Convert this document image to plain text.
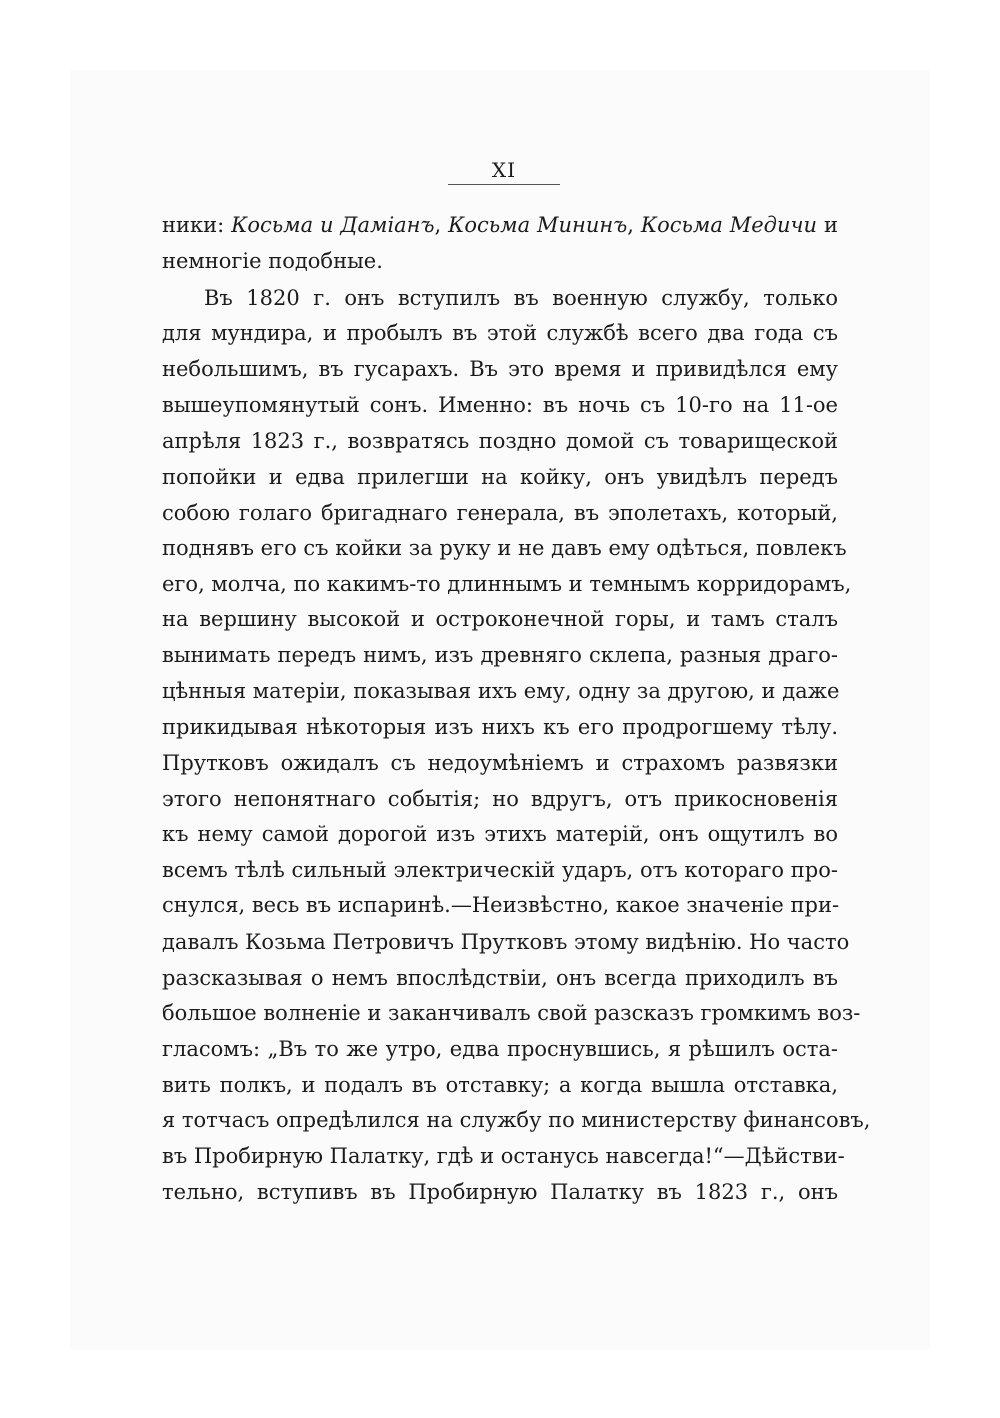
XI
ники: Косьма и Даміанъ, Косьма Мининъ, Косьма Медичи и
немногіе подобные.
Въ 1820 г. онъ вступилъ въ военную службу, только
для мундира, и пробылъ въ этой службѣ всего два года съ
небольшимъ, въ гусарахъ. Въ это время и привидѣлся ему
вышеупомянутый сонъ. Именно: въ ночь съ 10-го на 11-ое
апрѣля 1823 г., возвратясь поздно домой съ товарищеской
попойки и едва прилегши на койку, онъ увидѣлъ передъ
собою голаго бригаднаго генерала, въ эполетахъ, который,
поднявъ его съ койки за руку и не давъ ему одѣться, повлекъ
его, молча, по какимъ-то длиннымъ и темнымъ корридорамъ,
на вершину высокой и остроконечной горы, и тамъ сталъ
вынимать передъ нимъ, изъ древняго склепа, разныя драго-
цѣнныя матеріи, показывая ихъ ему, одну за другою, и даже
прикидывая нѣкоторыя изъ нихъ къ его продрогшему тѣлу.
Прутковъ ожидалъ съ недоумѣніемъ и страхомъ развязки
этого непонятнаго событія; но вдругъ, отъ прикосновенія
къ нему самой дорогой изъ этихъ матерій, онъ ощутилъ во
всемъ тѣлѣ сильный электрическій ударъ, отъ котораго про-
снулся, весь въ испаринѣ.—Неизвѣстно, какое значеніе при-
давалъ Козьма Петровичъ Прутковъ этому видѣнію. Но часто
разсказывая о немъ впослѣдствіи, онъ всегда приходилъ въ
большое волненіе и заканчивалъ свой разсказъ громкимъ воз-
гласомъ: „Въ то же утро, едва проснувшись, я рѣшилъ оста-
вить полкъ, и подалъ въ отставку; а когда вышла отставка,
я тотчасъ опредѣлился на службу по министерству финансовъ,
въ Пробирную Палатку, гдѣ и останусь навсегда!“—Дѣйстви-
тельно, вступивъ въ Пробирную Палатку въ 1823 г., онъ
